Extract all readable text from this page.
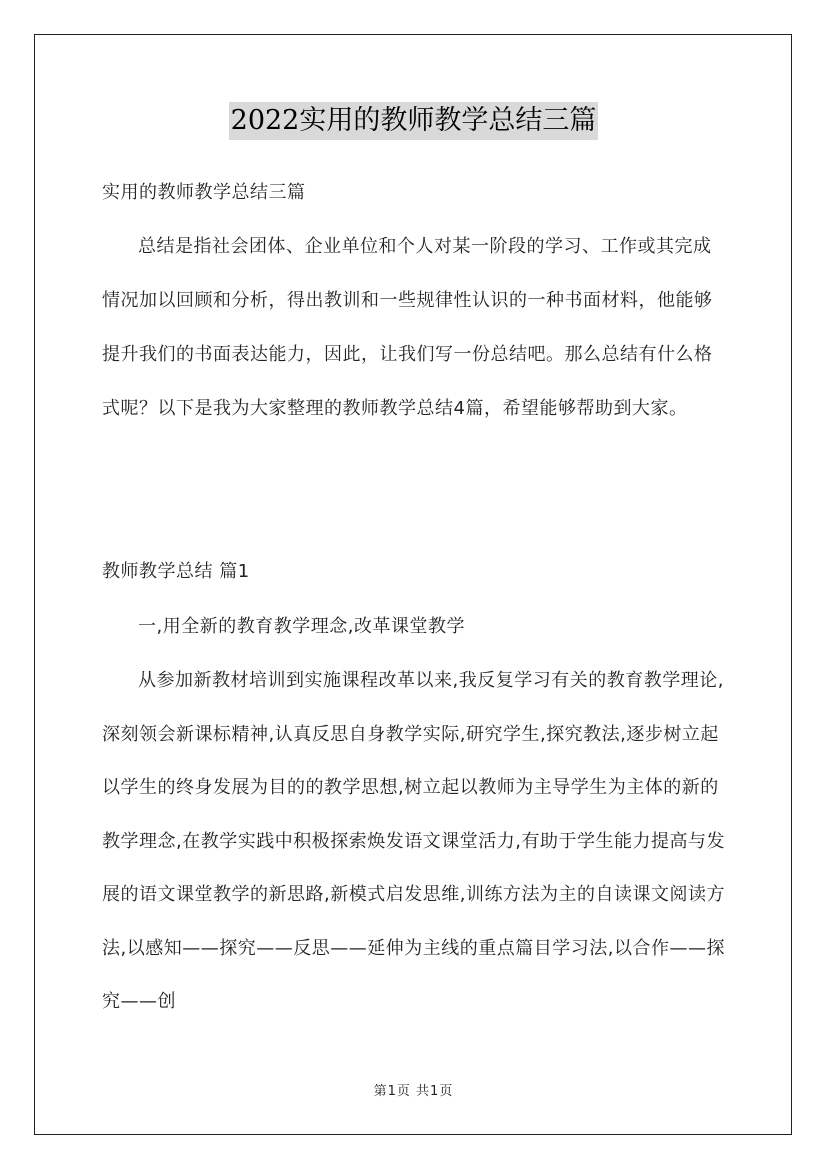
2022实用的教师教学总结三篇

实用的教师教学总结三篇

总结是指社会团体、企业单位和个人对某一阶段的学习、工作或其完成情况加以回顾和分析，得出教训和一些规律性认识的一种书面材料，他能够提升我们的书面表达能力，因此，让我们写一份总结吧。那么总结有什么格式呢？以下是我为大家整理的教师教学总结4篇，希望能够帮助到大家。

教师教学总结 篇1

一,用全新的教育教学理念,改革课堂教学

从参加新教材培训到实施课程改革以来,我反复学习有关的教育教学理论,深刻领会新课标精神,认真反思自身教学实际,研究学生,探究教法,逐步树立起以学生的终身发展为目的的教学思想,树立起以教师为主导学生为主体的新的教学理念,在教学实践中积极探索焕发语文课堂活力,有助于学生能力提高与发展的语文课堂教学的新思路,新模式启发思维,训练方法为主的自读课文阅读方法,以感知——探究——反思——延伸为主线的重点篇目学习法,以合作——探究——创

第1页 共1页
